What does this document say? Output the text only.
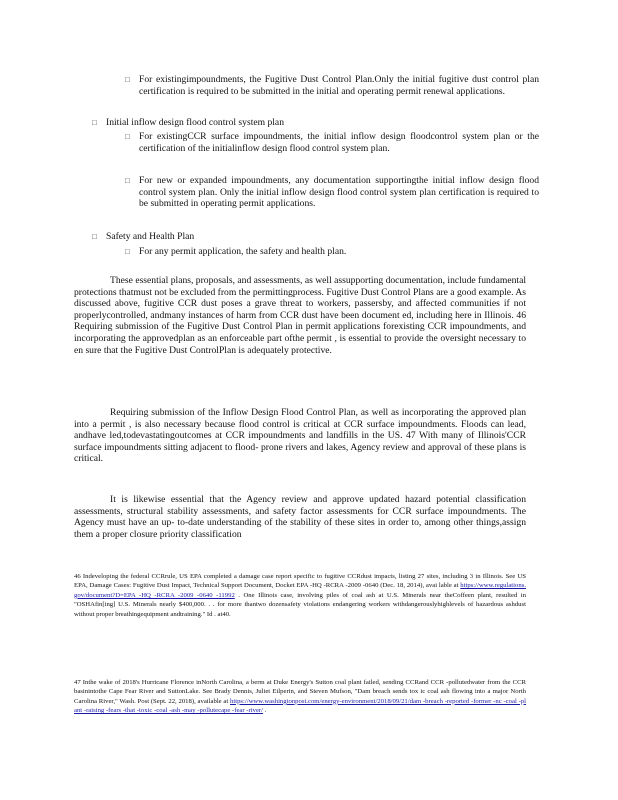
□ For existingimpoundments, the Fugitive Dust Control Plan.Only the initial fugitive dust control plan certification is required to be submitted in the initial and operating permit renewal applications.
□ Initial inflow design flood control system plan
□ For existingCCR surface impoundments, the initial inflow design floodcontrol system plan or the certification of the initialinflow design flood control system plan.
□ For new or expanded impoundments, any documentation supportingthe initial inflow design flood control system plan. Only the initial inflow design flood control system plan certification is required to be submitted in operating permit applications.
□ Safety and Health Plan
□ For any permit application, the safety and health plan.

These essential plans, proposals, and assessments, as well assupporting documentation, include fundamental protections thatmust not be excluded from the permittingprocess. Fugitive Dust Control Plans are a good example. As discussed above, fugitive CCR dust poses a grave threat to workers, passersby, and affected communities if not properlycontrolled, andmany instances of harm from CCR dust have been document ed, including here in Illinois. 46 Requiring submission of the Fugitive Dust Control Plan in permit applications forexisting CCR impoundments, and incorporating the approvedplan as an enforceable part ofthe permit , is essential to provide the oversight necessary to en sure that the Fugitive Dust ControlPlan is adequately protective.

Requiring submission of the Inflow Design Flood Control Plan, as well as incorporating the approved plan into a permit , is also necessary because flood control is critical at CCR surface impoundments. Floods can lead, andhave led,todevastatingoutcomes at CCR impoundments and landfills in the US. 47 With many of Illinois'CCR surface impoundments sitting adjacent to flood- prone rivers and lakes, Agency review and approval of these plans is critical.

It is likewise essential that the Agency review and approve updated hazard potential classification assessments, structural stability assessments, and safety factor assessments for CCR surface impoundments. The Agency must have an up- to-date understanding of the stability of these sites in order to, among other things,assign them a proper closure priority classification

46 Indeveloping the federal CCRrule, US EPA completed a damage case report specific to fugitive CCRdust impacts, listing 27 sites, including 3 in Illinois. See US EPA, Damage Cases: Fugitive Dust Impact, Technical Support Document, Docket EPA -HQ -RCRA -2009 -0640 (Dec. 18, 2014), avai lable at https://www.regulations.gov/document?D=EPA -HQ -RCRA -2009 -0640 -11992 . One Illinois case, involving piles of coal ash at U.S. Minerals near theCoffeen plant, resulted in "OSHAfin[ing] U.S. Minerals nearly $400,000. . . for more thantwo dozensafety violations endangering workers withdangerouslyhighlevels of hazardous ashdust without proper breathingequipment andtraining." Id . at40.

47 Inthe wake of 2018's Hurricane Florence inNorth Carolina, a berm at Duke Energy's Sutton coal plant failed, sending CCRand CCR -pollutedwater from the CCR basinintothe Cape Fear River and SuttonLake. See Brady Dennis, Juliet Eilperin, and Steven Mufson, "Dam breach sends tox ic coal ash flowing into a major North Carolina River," Wash. Post (Sept. 22, 2018), available at https://www.washingtonpost.com/energy-environment/2018/09/21/dam -breach -reported -former -nc -coal -plant -raising -fears -that -toxic -coal -ash -may -pollutecape -fear -river/ .
